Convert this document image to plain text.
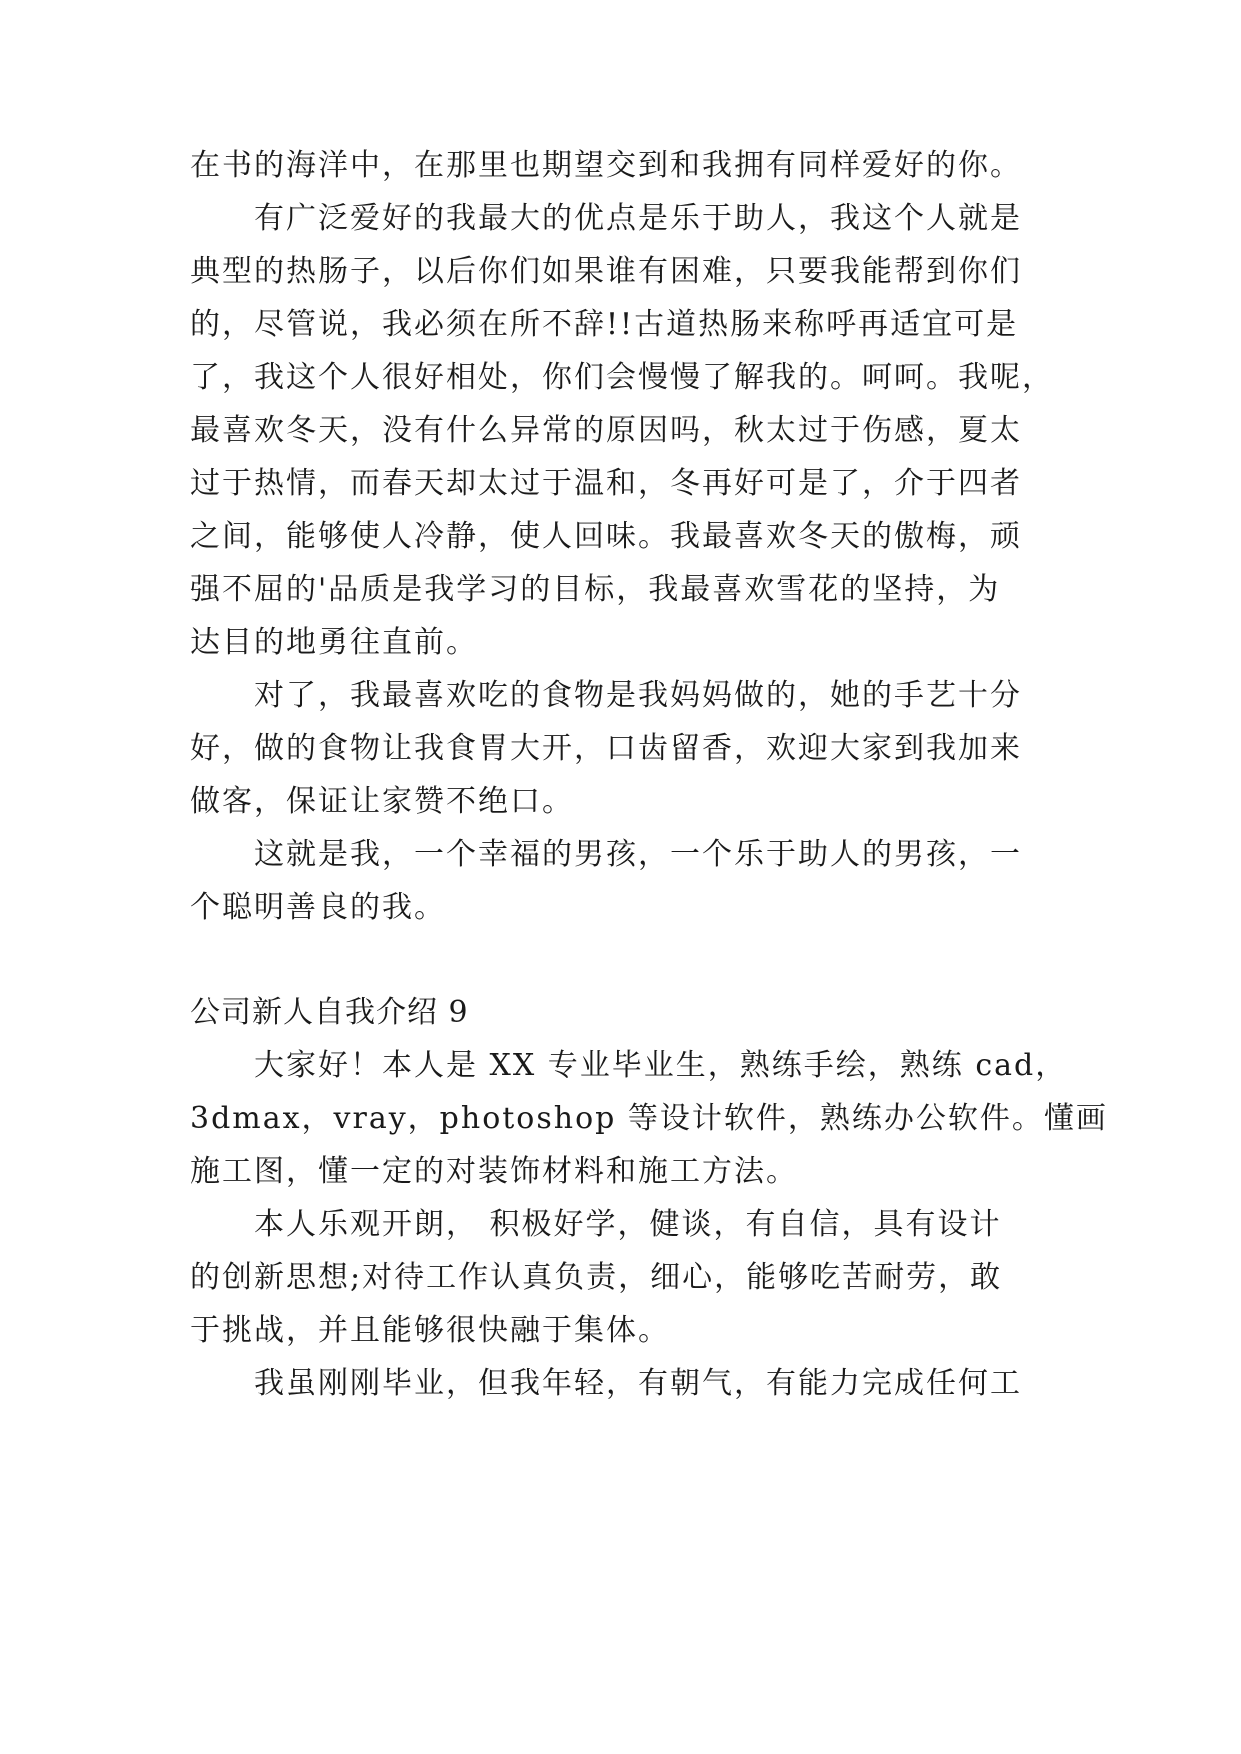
在书的海洋中，在那里也期望交到和我拥有同样爱好的你。
有广泛爱好的我最大的优点是乐于助人，我这个人就是
典型的热肠子，以后你们如果谁有困难，只要我能帮到你们
的，尽管说，我必须在所不辞!!古道热肠来称呼再适宜可是
了，我这个人很好相处，你们会慢慢了解我的。呵呵。我呢，
最喜欢冬天，没有什么异常的原因吗，秋太过于伤感，夏太
过于热情，而春天却太过于温和，冬再好可是了，介于四者
之间，能够使人冷静，使人回味。我最喜欢冬天的傲梅，顽
强不屈的'品质是我学习的目标，我最喜欢雪花的坚持，为
达目的地勇往直前。
对了，我最喜欢吃的食物是我妈妈做的，她的手艺十分
好，做的食物让我食胃大开，口齿留香，欢迎大家到我加来
做客，保证让家赞不绝口。
这就是我，一个幸福的男孩，一个乐于助人的男孩，一
个聪明善良的我。
公司新人自我介绍 9
大家好！本人是 XX 专业毕业生，熟练手绘，熟练 cad，
3dmax，vray，photoshop 等设计软件，熟练办公软件。懂画
施工图，懂一定的对装饰材料和施工方法。
本人乐观开朗， 积极好学，健谈，有自信，具有设计
的创新思想;对待工作认真负责，细心，能够吃苦耐劳，敢
于挑战，并且能够很快融于集体。
我虽刚刚毕业，但我年轻，有朝气，有能力完成任何工
